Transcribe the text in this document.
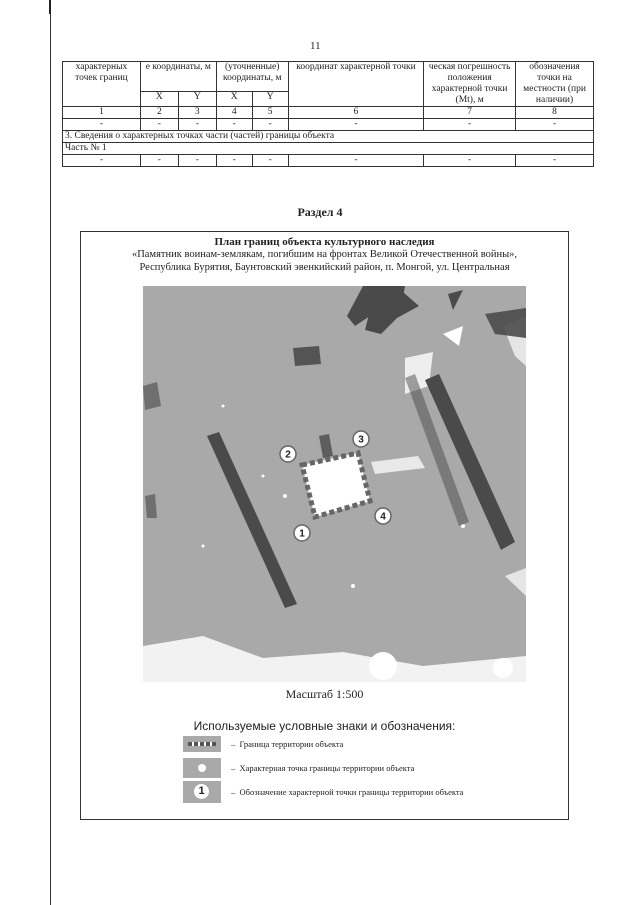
11
характерных точек границ	е координаты, м		(уточненные) координаты, м		координат характерной точки	ческая погрешность положения характерной точки (Mt), м	обозначения точки на местности (при наличии)
	X	Y	X	Y			
1	2	3	4	5	6	7	8
-	-	-	-	-	-	-	-
3. Сведения о характерных точках части (частей) границы объекта							
Часть № 1							
-	-	-	-	-	-	-	-
Раздел 4
План границ объекта культурного наследия
«Памятник воинам-землякам, погибшим на фронтах Великой Отечественной войны»,
Республика Бурятия, Баунтовский эвенкийский район, п. Монгой, ул. Центральная
1
2
3
4
Масштаб 1:500
Используемые условные знаки и обозначения:
– Граница территории объекта
– Характерная точка границы территории объекта
1	– Обозначение характерной точки границы территории объекта
